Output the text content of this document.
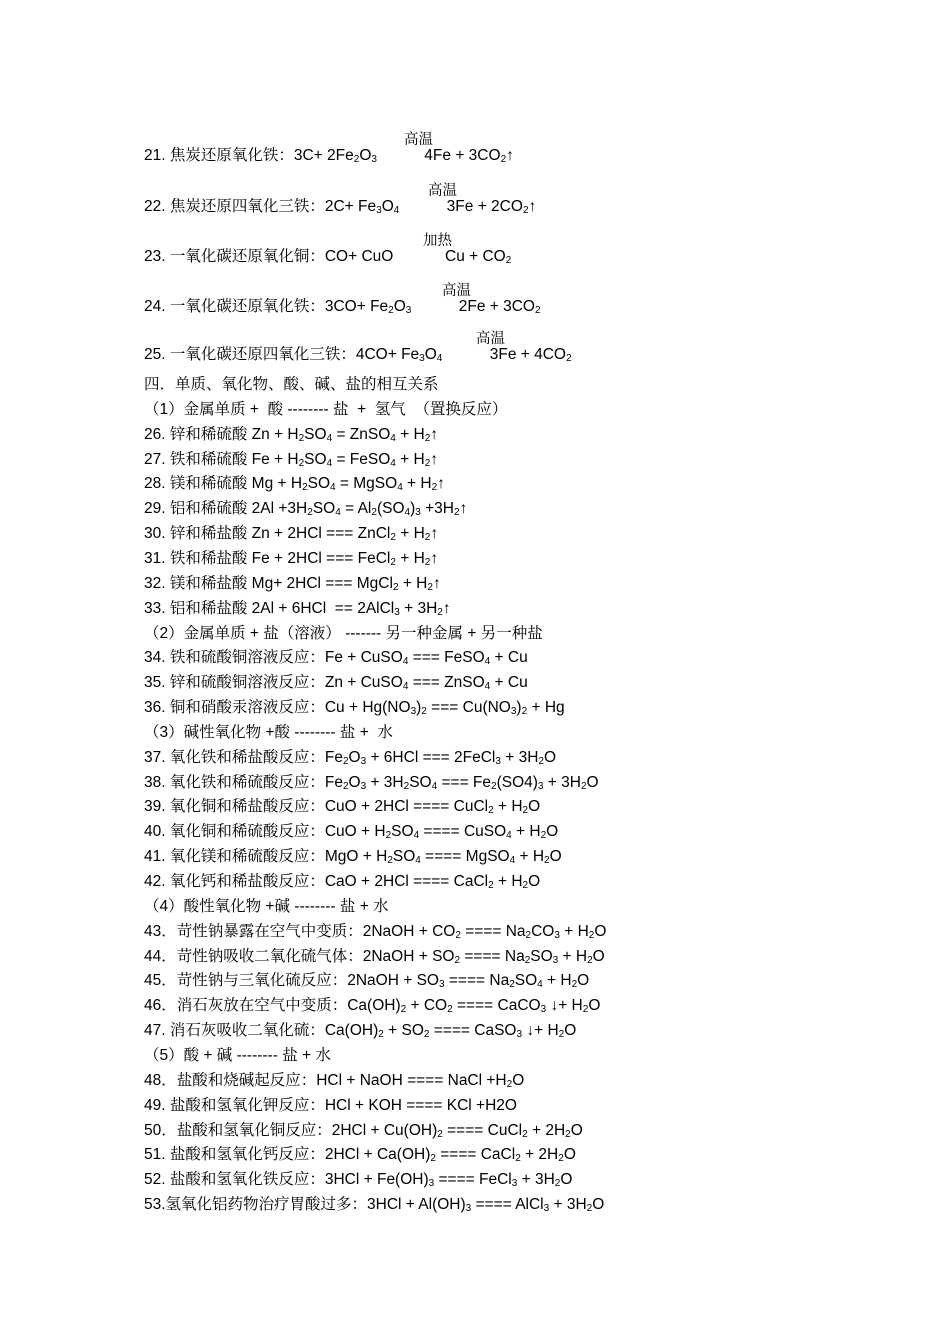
21. 焦炭还原氧化铁：$3C+ 2Fe_2O_3$           $4Fe + 3CO_2↑$
高温
22. 焦炭还原四氧化三铁：$2C+ Fe_3O_4$           $3Fe + 2CO_2↑$
高温
23. 一氧化碳还原氧化铜：CO+ CuO            $Cu + CO_2$
加热
24. 一氧化碳还原氧化铁：$3CO+ Fe_2O_3$           $2Fe + 3CO_2$
高温
25. 一氧化碳还原四氧化三铁：$4CO+ Fe_3O_4$           $3Fe + 4CO_2$
高温
四．单质、氧化物、酸、碱、盐的相互关系
（1）金属单质 +  酸 -------- 盐  +  氢气  （置换反应）
26. 锌和稀硫酸 $Zn + H_2SO_4$ = ZnSO$_4$ + $H_2↑$
27. 铁和稀硫酸 $Fe + H_2SO_4$ = FeSO$_4$ + $H_2↑$
28. 镁和稀硫酸 $Mg + H_2SO_4$ = MgSO$_4$ + $H_2↑$
29. 铝和稀硫酸 $2Al +3H_2SO_4 = Al_2(SO_4)_3$ $+3H_2↑$
30. 锌和稀盐酸 Zn + 2HCl === ZnCl$_2$ + $H_2↑$
31. 铁和稀盐酸 Fe + 2HCl === FeCl$_2$ + $H_2↑$
32. 镁和稀盐酸 Mg+ 2HCl === MgCl$_2$ + $H_2↑$
33. 铝和稀盐酸 2Al + 6HCl  == 2AlCl$_3$ + $3H_2↑$
（2）金属单质 + 盐（溶液） ------- 另一种金属 + 另一种盐
34. 铁和硫酸铜溶液反应：Fe + CuSO$_4$ === FeSO$_4$ + Cu
35. 锌和硫酸铜溶液反应：Zn + CuSO$_4$ === ZnSO$_4$ + Cu
36. 铜和硝酸汞溶液反应：$Cu + Hg(NO_3)_2$ === $Cu(NO_3)_2 + Hg$
（3）碱性氧化物 +酸 -------- 盐 +  水
37. 氧化铁和稀盐酸反应：$Fe_2O_3 + 6HCl$ === 2FeCl$_3$ + $3H_2O$
38. 氧化铁和稀硫酸反应：$Fe_2O_3 + 3H_2SO_4$ === $Fe_2(SO4)_3 + 3H_2O$
39. 氧化铜和稀盐酸反应：CuO + 2HCl ==== CuCl$_2$ + $H_2O$
40. 氧化铜和稀硫酸反应：CuO + $H_2SO_4$ ==== CuSO$_4$ + $H_2O$
41. 氧化镁和稀硫酸反应：MgO + $H_2SO_4$ ==== MgSO$_4$ + $H_2O$
42. 氧化钙和稀盐酸反应：CaO + 2HCl ==== CaCl$_2$ + $H_2O$
（4）酸性氧化物 +碱 -------- 盐 + 水
43．苛性钠暴露在空气中变质：2NaOH + $CO_2$ ==== $Na_2CO_3 + H_2O$
44．苛性钠吸收二氧化硫气体：2NaOH + $SO_2$ ==== $Na_2SO_3 + H_2O$
45．苛性钠与三氧化硫反应：2NaOH + $SO_3$ ==== $Na_2SO_4 + H_2O$
46．消石灰放在空气中变质：$Ca(OH)_2 + CO_2$ ==== CaCO$_3$ ↓+ $H_2O$
47. 消石灰吸收二氧化硫：$Ca(OH)_2 + SO_2$ ==== CaSO$_3$ ↓+ $H_2O$
（5）酸 + 碱 -------- 盐 + 水
48．盐酸和烧碱起反应：HCl + NaOH ==== NaCl $+H_2O$
49. 盐酸和氢氧化钾反应：HCl + KOH ==== KCl +H2O
50．盐酸和氢氧化铜反应：$2HCl + Cu(OH)_2$ ==== CuCl$_2$ + $2H_2O$
51. 盐酸和氢氧化钙反应：$2HCl + Ca(OH)_2$ ==== CaCl$_2$ + $2H_2O$
52. 盐酸和氢氧化铁反应：$3HCl + Fe(OH)_3$ ==== FeCl$_3$ + $3H_2O$
53.氢氧化铝药物治疗胃酸过多：$3HCl + Al(OH)_3$ ==== AlCl$_3$ + $3H_2O$
